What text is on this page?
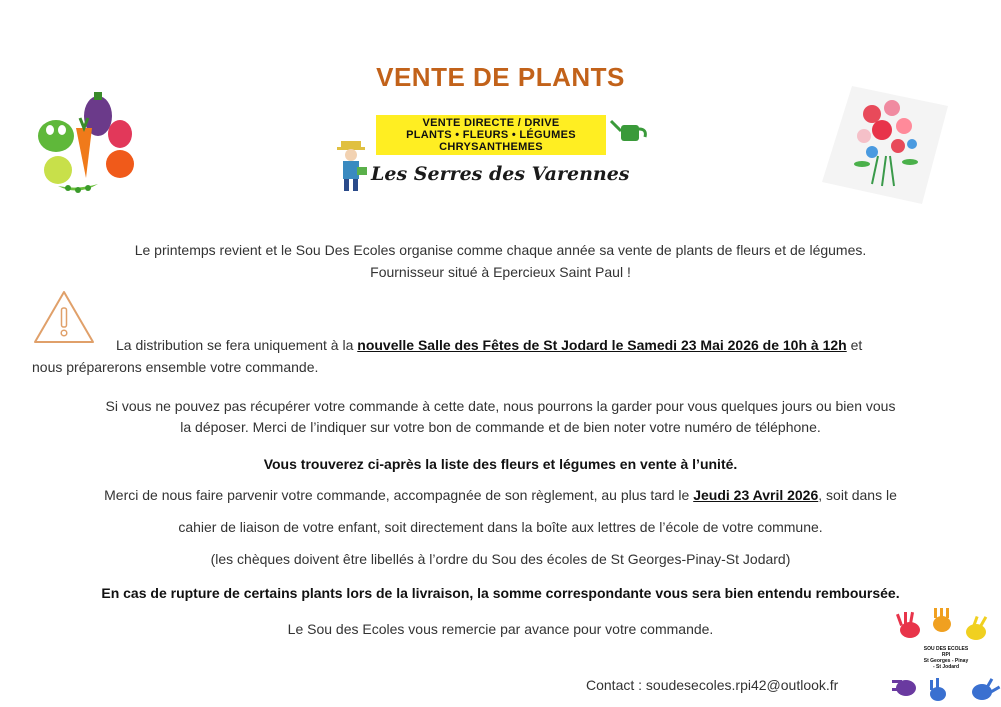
VENTE DE PLANTS
VENTE DIRECTE / DRIVE
PLANTS • FLEURS • LÉGUMES
CHRYSANTHEMES
Les Serres des Varennes
Le printemps revient et le Sou Des Ecoles organise comme chaque année sa vente de plants de fleurs et de légumes.
Fournisseur situé à Epercieux Saint Paul !
La distribution se fera uniquement à la nouvelle Salle des Fêtes de St Jodard le Samedi 23 Mai 2026 de 10h à 12h et
nous préparerons ensemble votre commande.
Si vous ne pouvez pas récupérer votre commande à cette date, nous pourrons la garder pour vous quelques jours ou bien vous
la déposer. Merci de l’indiquer sur votre bon de commande et de bien noter votre numéro de téléphone.
Vous trouverez ci-après la liste des fleurs et légumes en vente à l’unité.
Merci de nous faire parvenir votre commande, accompagnée de son règlement, au plus tard le Jeudi 23 Avril 2026, soit dans le
cahier de liaison de votre enfant, soit directement dans la boîte aux lettres de l’école de votre commune.
(les chèques doivent être libellés à l’ordre du Sou des écoles de St Georges-Pinay-St Jodard)
En cas de rupture de certains plants lors de la livraison, la somme correspondante vous sera bien entendu remboursée.
Le Sou des Ecoles vous remercie par avance pour votre commande.
Contact : soudesecoles.rpi42@outlook.fr
SOU DES ECOLES
RPI
St Georges - Pinay
- St Jodard
